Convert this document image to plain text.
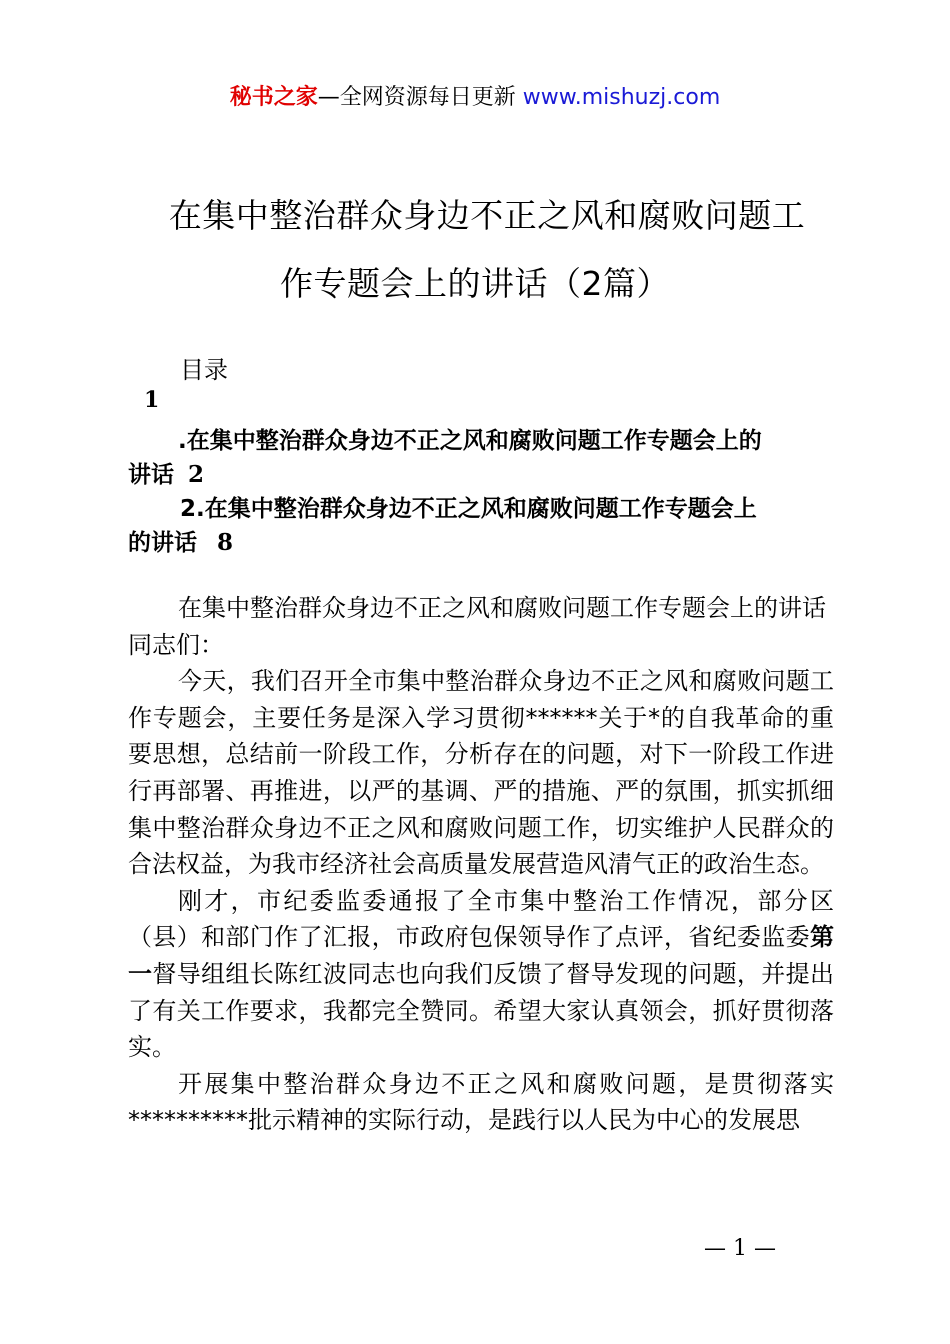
秘书之家—全网资源每日更新 www.mishuzj.com
在集中整治群众身边不正之风和腐败问题工
作专题会上的讲话（2篇）
目录
1
.在集中整治群众身边不正之风和腐败问题工作专题会上的
讲话 2
2.在集中整治群众身边不正之风和腐败问题工作专题会上
的讲话 8

在集中整治群众身边不正之风和腐败问题工作专题会上的讲话

同志们：

今天，我们召开全市集中整治群众身边不正之风和腐败问题工作专题会，主要任务是深入学习贯彻******关于*的自我革命的重要思想，总结前一阶段工作，分析存在的问题，对下一阶段工作进行再部署、再推进，以严的基调、严的措施、严的氛围，抓实抓细集中整治群众身边不正之风和腐败问题工作，切实维护人民群众的合法权益，为我市经济社会高质量发展营造风清气正的政治生态。

刚才，市纪委监委通报了全市集中整治工作情况，部分区（县）和部门作了汇报，市政府包保领导作了点评，省纪委监委第一督导组组长陈红波同志也向我们反馈了督导发现的问题，并提出了有关工作要求，我都完全赞同。希望大家认真领会，抓好贯彻落实。

开展集中整治群众身边不正之风和腐败问题，是贯彻落实**********批示精神的实际行动，是践行以人民为中心的发展思

— 1 —
